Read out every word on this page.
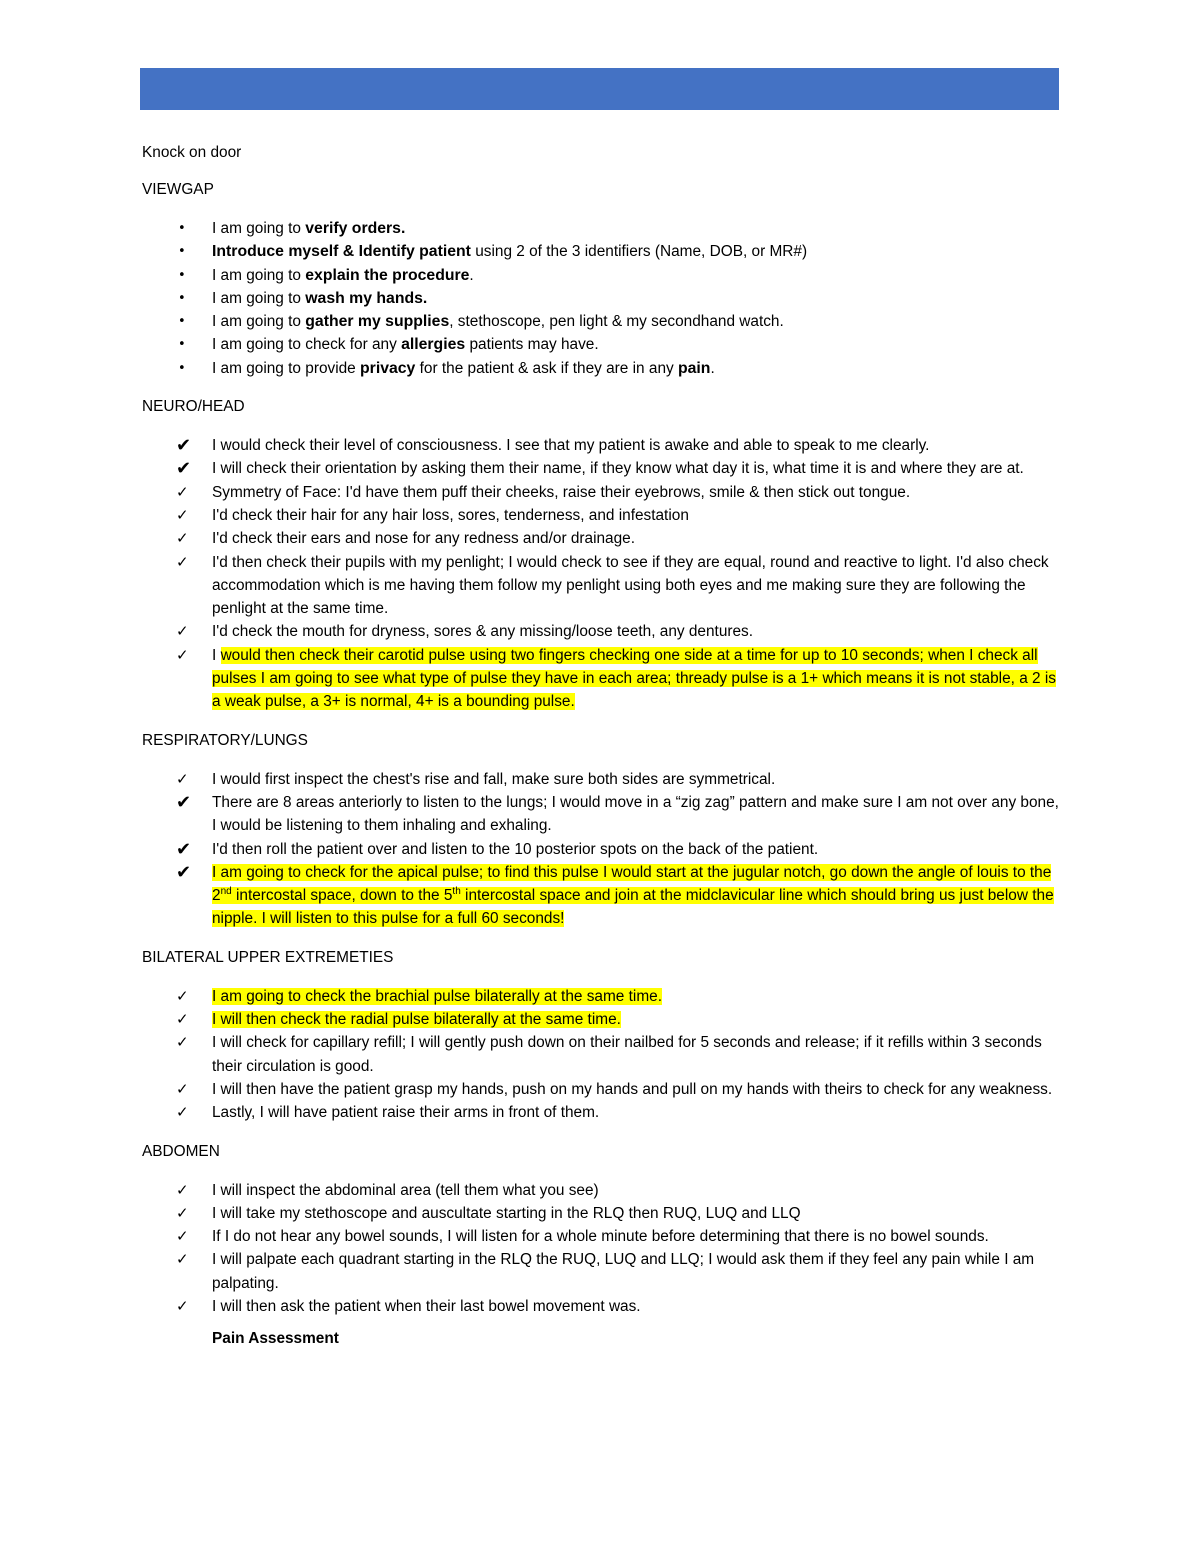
Knock on door
VIEWGAP
•	I am going to verify orders.
•	Introduce myself & Identify patient using 2 of the 3 identifiers (Name, DOB, or MR#)
•	I am going to explain the procedure.
•	I am going to wash my hands.
•	I am going to gather my supplies, stethoscope, pen light & my secondhand watch.
•	I am going to check for any allergies patients may have.
•	I am going to provide privacy for the patient & ask if they are in any pain.
NEURO/HEAD
✔	I would check their level of consciousness. I see that my patient is awake and able to speak to me clearly.
✔	I will check their orientation by asking them their name, if they know what day it is, what time it is and where they are at.
✓	Symmetry of Face: I'd have them puff their cheeks, raise their eyebrows, smile & then stick out tongue.
✓	I'd check their hair for any hair loss, sores, tenderness, and infestation
✓	I'd check their ears and nose for any redness and/or drainage.
✓	I'd then check their pupils with my penlight; I would check to see if they are equal, round and reactive to light. I'd also check accommodation which is me having them follow my penlight using both eyes and me making sure they are following the penlight at the same time.
✓	I'd check the mouth for dryness, sores & any missing/loose teeth, any dentures.
✓	I would then check their carotid pulse using two fingers checking one side at a time for up to 10 seconds; when I check all pulses I am going to see what type of pulse they have in each area; thready pulse is a 1+ which means it is not stable, a 2 is a weak pulse, a 3+ is normal, 4+ is a bounding pulse.
RESPIRATORY/LUNGS
✓	I would first inspect the chest's rise and fall, make sure both sides are symmetrical.
✔	There are 8 areas anteriorly to listen to the lungs; I would move in a “zig zag” pattern and make sure I am not over any bone, I would be listening to them inhaling and exhaling.
✔	I'd then roll the patient over and listen to the 10 posterior spots on the back of the patient.
✔	I am going to check for the apical pulse; to find this pulse I would start at the jugular notch, go down the angle of louis to the 2nd intercostal space, down to the 5th intercostal space and join at the midclavicular line which should bring us just below the nipple. I will listen to this pulse for a full 60 seconds!
BILATERAL UPPER EXTREMETIES
✓	I am going to check the brachial pulse bilaterally at the same time.
✓	I will then check the radial pulse bilaterally at the same time.
✓	I will check for capillary refill; I will gently push down on their nailbed for 5 seconds and release; if it refills within 3 seconds their circulation is good.
✓	I will then have the patient grasp my hands, push on my hands and pull on my hands with theirs to check for any weakness.
✓	Lastly, I will have patient raise their arms in front of them.
ABDOMEN
✓	I will inspect the abdominal area (tell them what you see)
✓	I will take my stethoscope and auscultate starting in the RLQ then RUQ, LUQ and LLQ
✓	If I do not hear any bowel sounds, I will listen for a whole minute before determining that there is no bowel sounds.
✓	I will palpate each quadrant starting in the RLQ the RUQ, LUQ and LLQ; I would ask them if they feel any pain while I am palpating.
✓	I will then ask the patient when their last bowel movement was.
Pain Assessment
